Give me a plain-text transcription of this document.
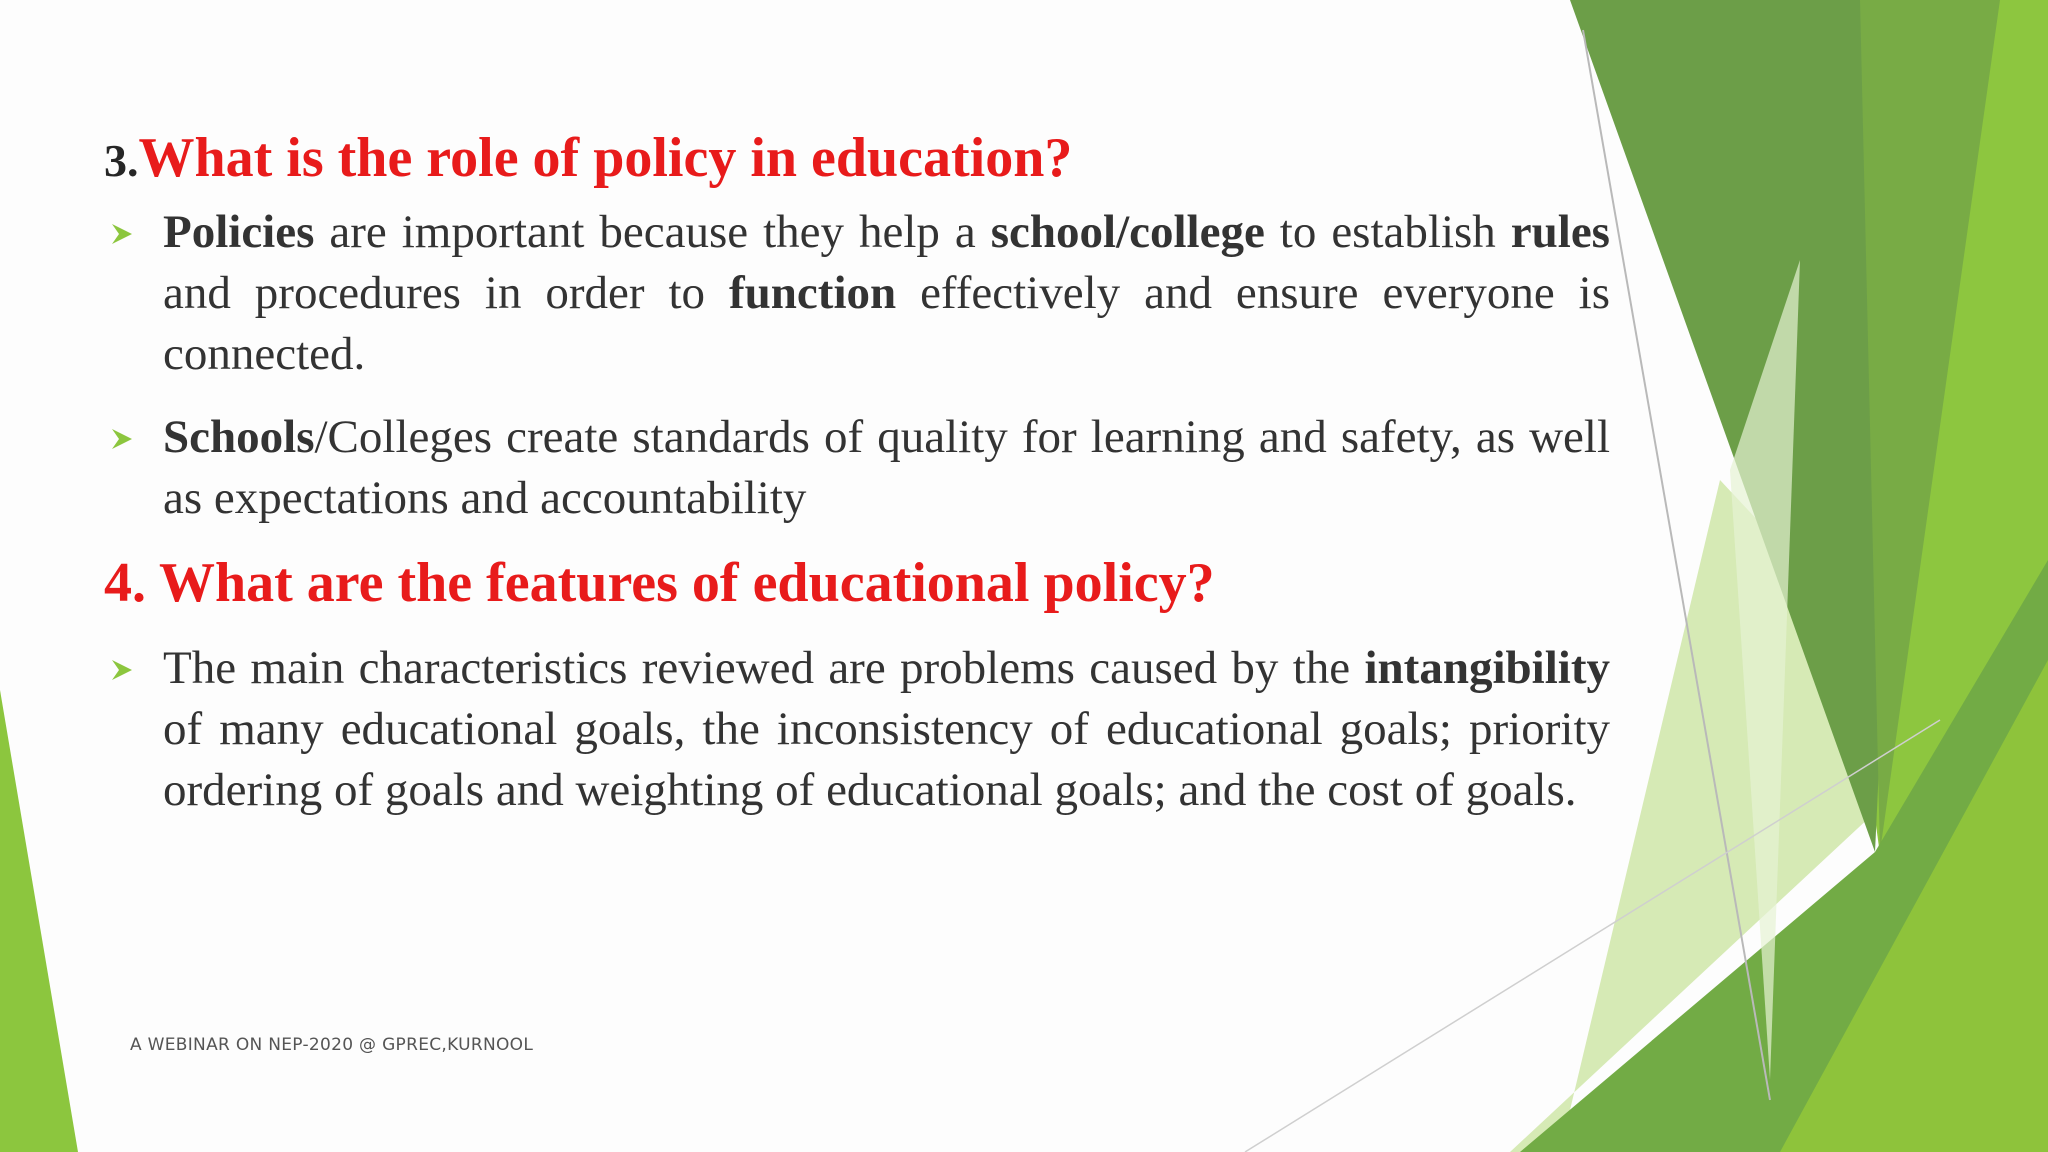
3.What is the role of policy in education?
Policies are important because they help a school/college to establish rules and procedures in order to function effectively and ensure everyone is connected.
Schools/Colleges create standards of quality for learning and safety, as well as expectations and accountability
4. What are the features of educational policy?
The main characteristics reviewed are problems caused by the intangibility of many educational goals, the inconsistency of educational goals; priority ordering of goals and weighting of educational goals; and the cost of goals.
A WEBINAR ON NEP-2020 @ GPREC,KURNOOL
